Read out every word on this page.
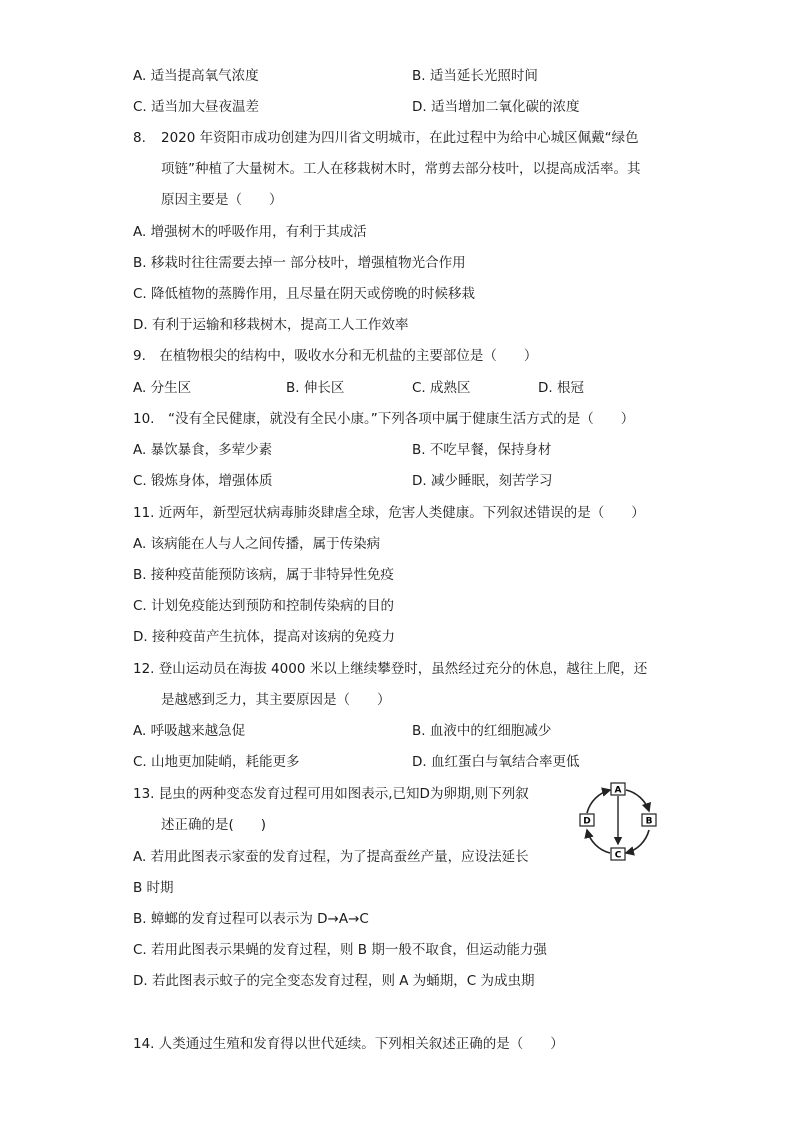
A. 适当提高氧气浓度	B. 适当延长光照时间
C. 适当加大昼夜温差	D. 适当增加二氧化碳的浓度
8. 2020 年资阳市成功创建为四川省文明城市，在此过程中为给中心城区佩戴“绿色
项链”种植了大量树木。工人在移栽树木时，常剪去部分枝叶，以提高成活率。其
原因主要是（　　）
A. 增强树木的呼吸作用，有利于其成活
B. 移栽时往往需要去掉一 部分枝叶，增强植物光合作用
C. 降低植物的蒸腾作用，且尽量在阴天或傍晚的时候移栽
D. 有利于运输和移栽树木，提高工人工作效率
9.　在植物根尖的结构中，吸收水分和无机盐的主要部位是（　　）
A. 分生区	B. 伸长区	C. 成熟区	D. 根冠
10.　“没有全民健康，就没有全民小康。”下列各项中属于健康生活方式的是（　　）
A. 暴饮暴食，多荤少素	B. 不吃早餐，保持身材
C. 锻炼身体，增强体质	D. 减少睡眠，刻苦学习
11. 近两年，新型冠状病毒肺炎肆虐全球，危害人类健康。下列叙述错误的是（　　）
A. 该病能在人与人之间传播，属于传染病
B. 接种疫苗能预防该病，属于非特异性免疫
C. 计划免疫能达到预防和控制传染病的目的
D. 接种疫苗产生抗体，提高对该病的免疫力
12. 登山运动员在海拔 4000 米以上继续攀登时，虽然经过充分的休息，越往上爬，还
是越感到乏力，其主要原因是（　　）
A. 呼吸越来越急促	B. 血液中的红细胞减少
C. 山地更加陡峭，耗能更多	D. 血红蛋白与氧结合率更低
13. 昆虫的两种变态发育过程可用如图表示,已知D为卵期,则下列叙
述正确的是(　　)
A. 若用此图表示家蚕的发育过程，为了提高蚕丝产量，应设法延长
B 时期
B. 蟑螂的发育过程可以表示为 D→A→C
C. 若用此图表示果蝇的发育过程，则 B 期一般不取食，但运动能力强
D. 若此图表示蚊子的完全变态发育过程，则 A 为蛹期，C 为成虫期
A
B
C
D
14. 人类通过生殖和发育得以世代延续。下列相关叙述正确的是（　　）
